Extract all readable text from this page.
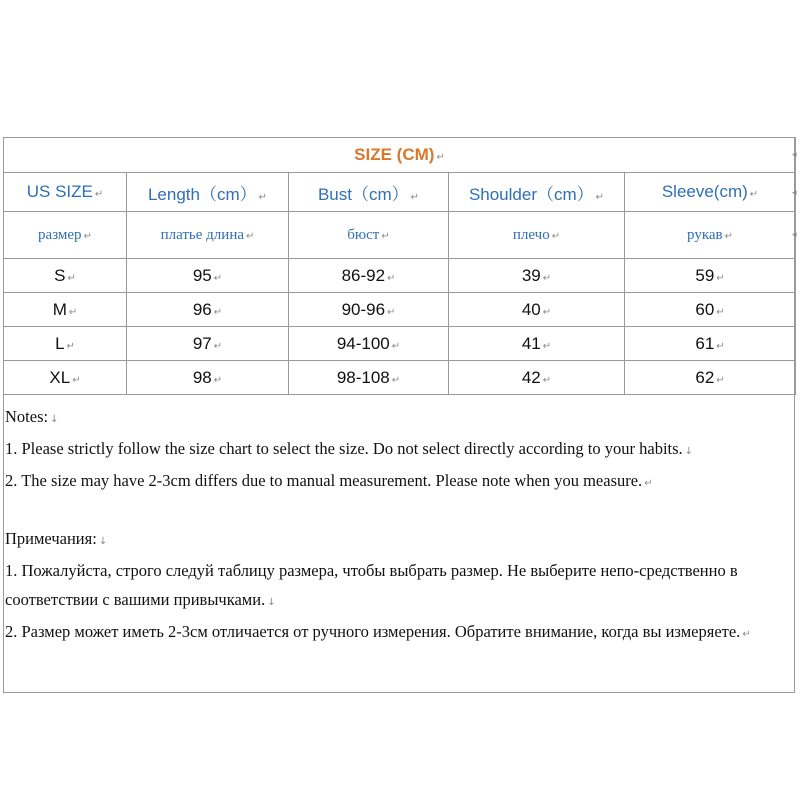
SIZE (CM) ↵				
US SIZE ↵	Length（cm） ↵	Bust（cm） ↵	Shoulder（cm） ↵	Sleeve(cm) ↵
размер ↵	платье длина ↵	бюст ↵	плечо ↵	рукав ↵
S ↵	95 ↵	86-92 ↵	39 ↵	59 ↵
M ↵	96 ↵	90-96 ↵	40 ↵	60 ↵
L ↵	97 ↵	94-100 ↵	41 ↵	61 ↵
XL ↵	98 ↵	98-108 ↵	42 ↵	62 ↵
◂
◂
◂

Notes: ↓

1. Please strictly follow the size chart to select the size. Do not select directly according to your habits. ↓

2. The size may have 2-3cm differs due to manual measurement. Please note when you measure. ↵

Примечания: ↓

1. Пожалуйста, строго следуй таблицу размера, чтобы выбрать размер. Не выберите непо-средственно в соответствии с вашими привычками. ↓

2. Размер может иметь 2-3см отличается от ручного измерения. Обратите внимание, когда вы измеряете. ↵
